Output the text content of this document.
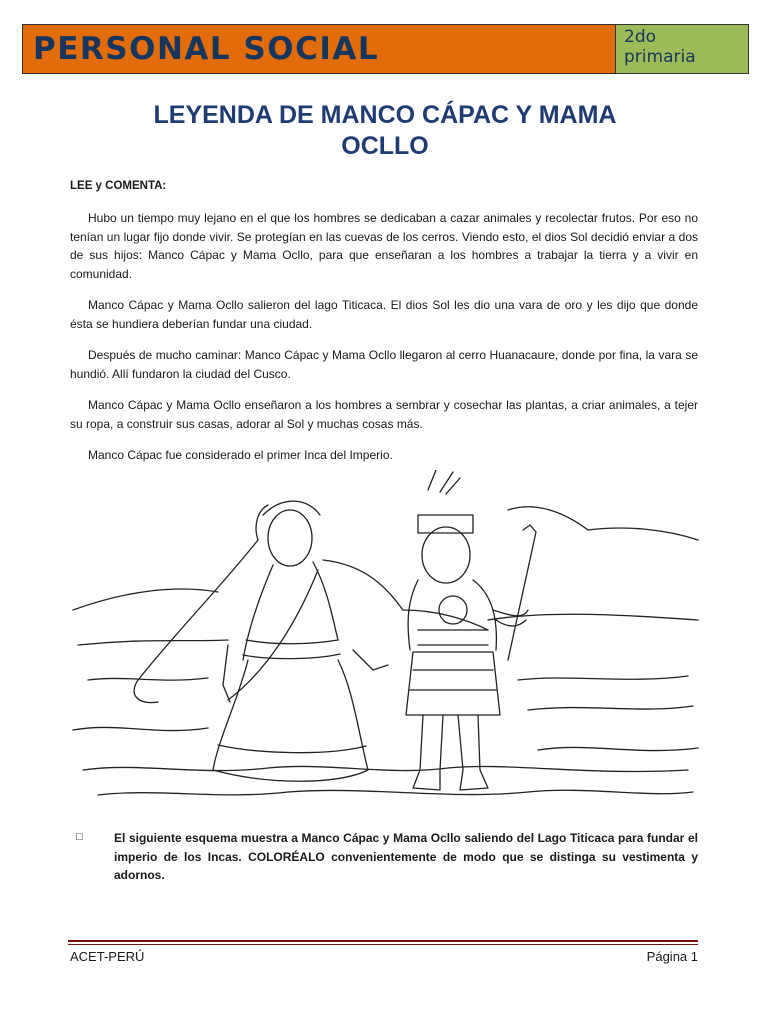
PERSONAL SOCIAL	2do
primaria
LEYENDA DE MANCO CÁPAC Y MAMA
OCLLO
LEE y COMENTA:

Hubo un tiempo muy lejano en el que los hombres se dedicaban a cazar animales y recolectar frutos. Por eso no tenían un lugar fijo donde vivir. Se protegían en las cuevas de los cerros. Viendo esto, el dios Sol decidió enviar a dos de sus hijos: Manco Cápac y Mama Ocllo, para que enseñaran a los hombres a trabajar la tierra y a vivir en comunidad.

Manco Cápac y Mama Ocllo salieron del lago Titicaca. El dios Sol les dio una vara de oro y les dijo que donde ésta se hundiera deberían fundar una ciudad.

Después de mucho caminar: Manco Cápac y Mama Ocllo llegaron al cerro Huanacaure, donde por fina, la vara se hundió. Allí fundaron la ciudad del Cusco.

Manco Cápac y Mama Ocllo enseñaron a los hombres a sembrar y cosechar las plantas, a criar animales, a tejer su ropa, a construir sus casas, adorar al Sol y muchas cosas más.

Manco Cápac fue considerado el primer Inca del Imperio.

□	El siguiente esquema muestra a Manco Cápac y Mama Ocllo saliendo del Lago Titicaca para fundar el imperio de los Incas. COLORÉALO convenientemente de modo que se distinga su vestimenta y adornos.
ACET-PERÚ	Página 1
